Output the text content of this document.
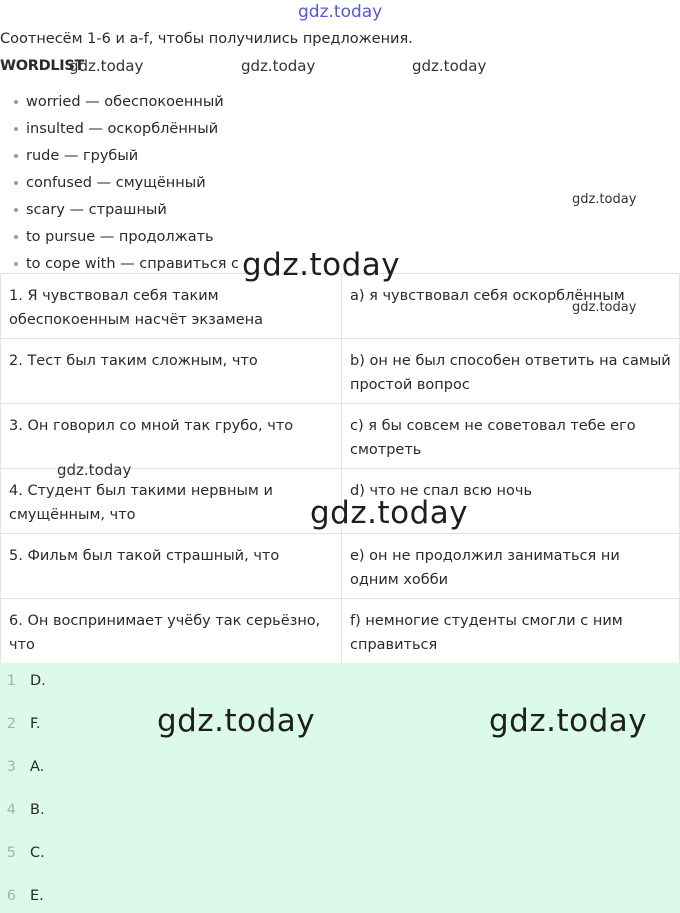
Соотнесём 1-6 и a-f, чтобы получились предложения.
WORDLIST
worried — обеспокоенный
insulted — оскорблённый
rude — грубый
confused — смущённый
scary — страшный
to pursue — продолжать
to cope with — справиться с
1. Я чувствовал себя таким обеспокоенным насчёт экзамена	a) я чувствовал себя оскорблённым
2. Тест был таким сложным, что	b) он не был способен ответить на самый простой вопрос
3. Он говорил со мной так грубо, что	c) я бы совсем не советовал тебе его смотреть
4. Студент был такими нервным и смущённым, что	d) что не спал всю ночь
5. Фильм был такой страшный, что	e) он не продолжил заниматься ни одним хобби
6. Он воспринимает учёбу так серьёзно, что	f) немногие студенты смогли с ним справиться
1 D.
2 F.
3 A.
4 B.
5 C.
6 E.
gdz.today
gdz.today	gdz.today	gdz.today
gdz.today
gdz.today
gdz.today
gdz.today
gdz.today
gdz.today	gdz.today
